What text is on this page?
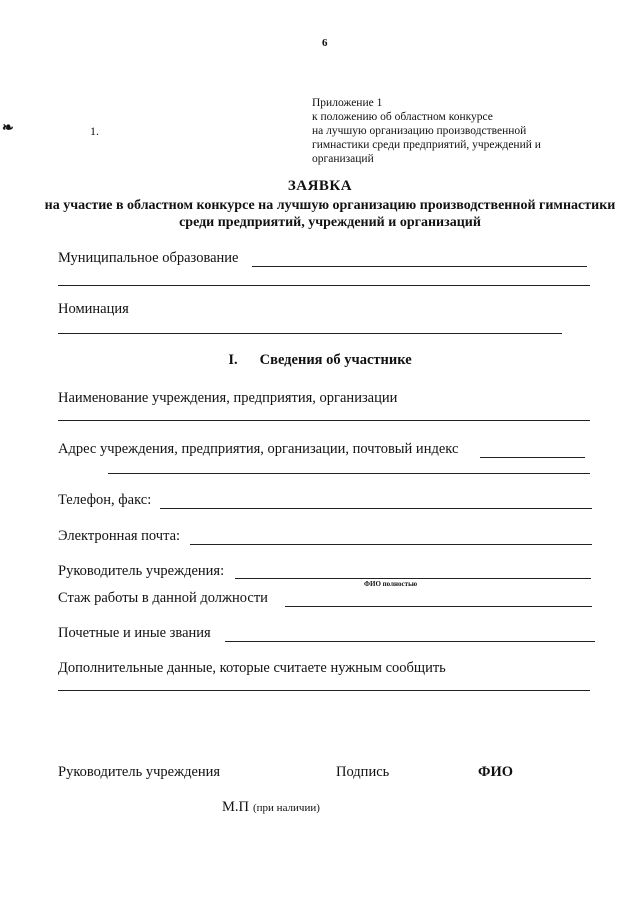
6
❧	1.
Приложение 1
к положению об областном конкурсе
на лучшую организацию производственной
гимнастики среди предприятий, учреждений и
организаций
ЗАЯВКА
на участие в областном конкурсе на лучшую организацию производственной гимнастики среди предприятий, учреждений и организаций
Муниципальное образование
Номинация
I. Сведения об участнике
Наименование учреждения, предприятия, организации
Адрес учреждения, предприятия, организации, почтовый индекс
Телефон, факс:
Электронная почта:
Руководитель учреждения:
ФИО полностью
Стаж работы в данной должности
Почетные и иные звания
Дополнительные данные, которые считаете нужным сообщить
Руководитель учреждения	Подпись	ФИО
М.П (при наличии)
